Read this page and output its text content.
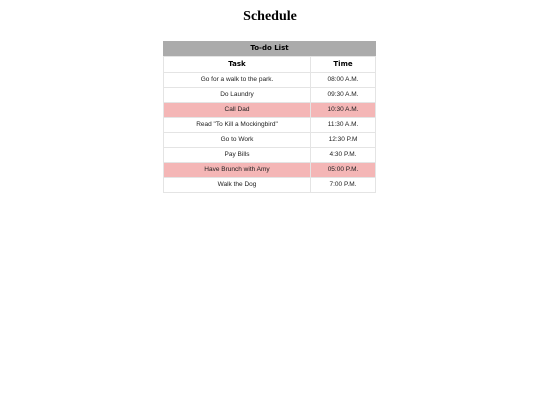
Schedule
To-do List
Task	Time
Go for a walk to the park.	08:00 A.M.
Do Laundry	09:30 A.M.
Call Dad	10:30 A.M.
Read "To Kill a Mockingbird"	11:30 A.M.
Go to Work	12:30 P.M
Pay Bills	4:30 P.M.
Have Brunch with Amy	05:00 P.M.
Walk the Dog	7:00 P.M.
